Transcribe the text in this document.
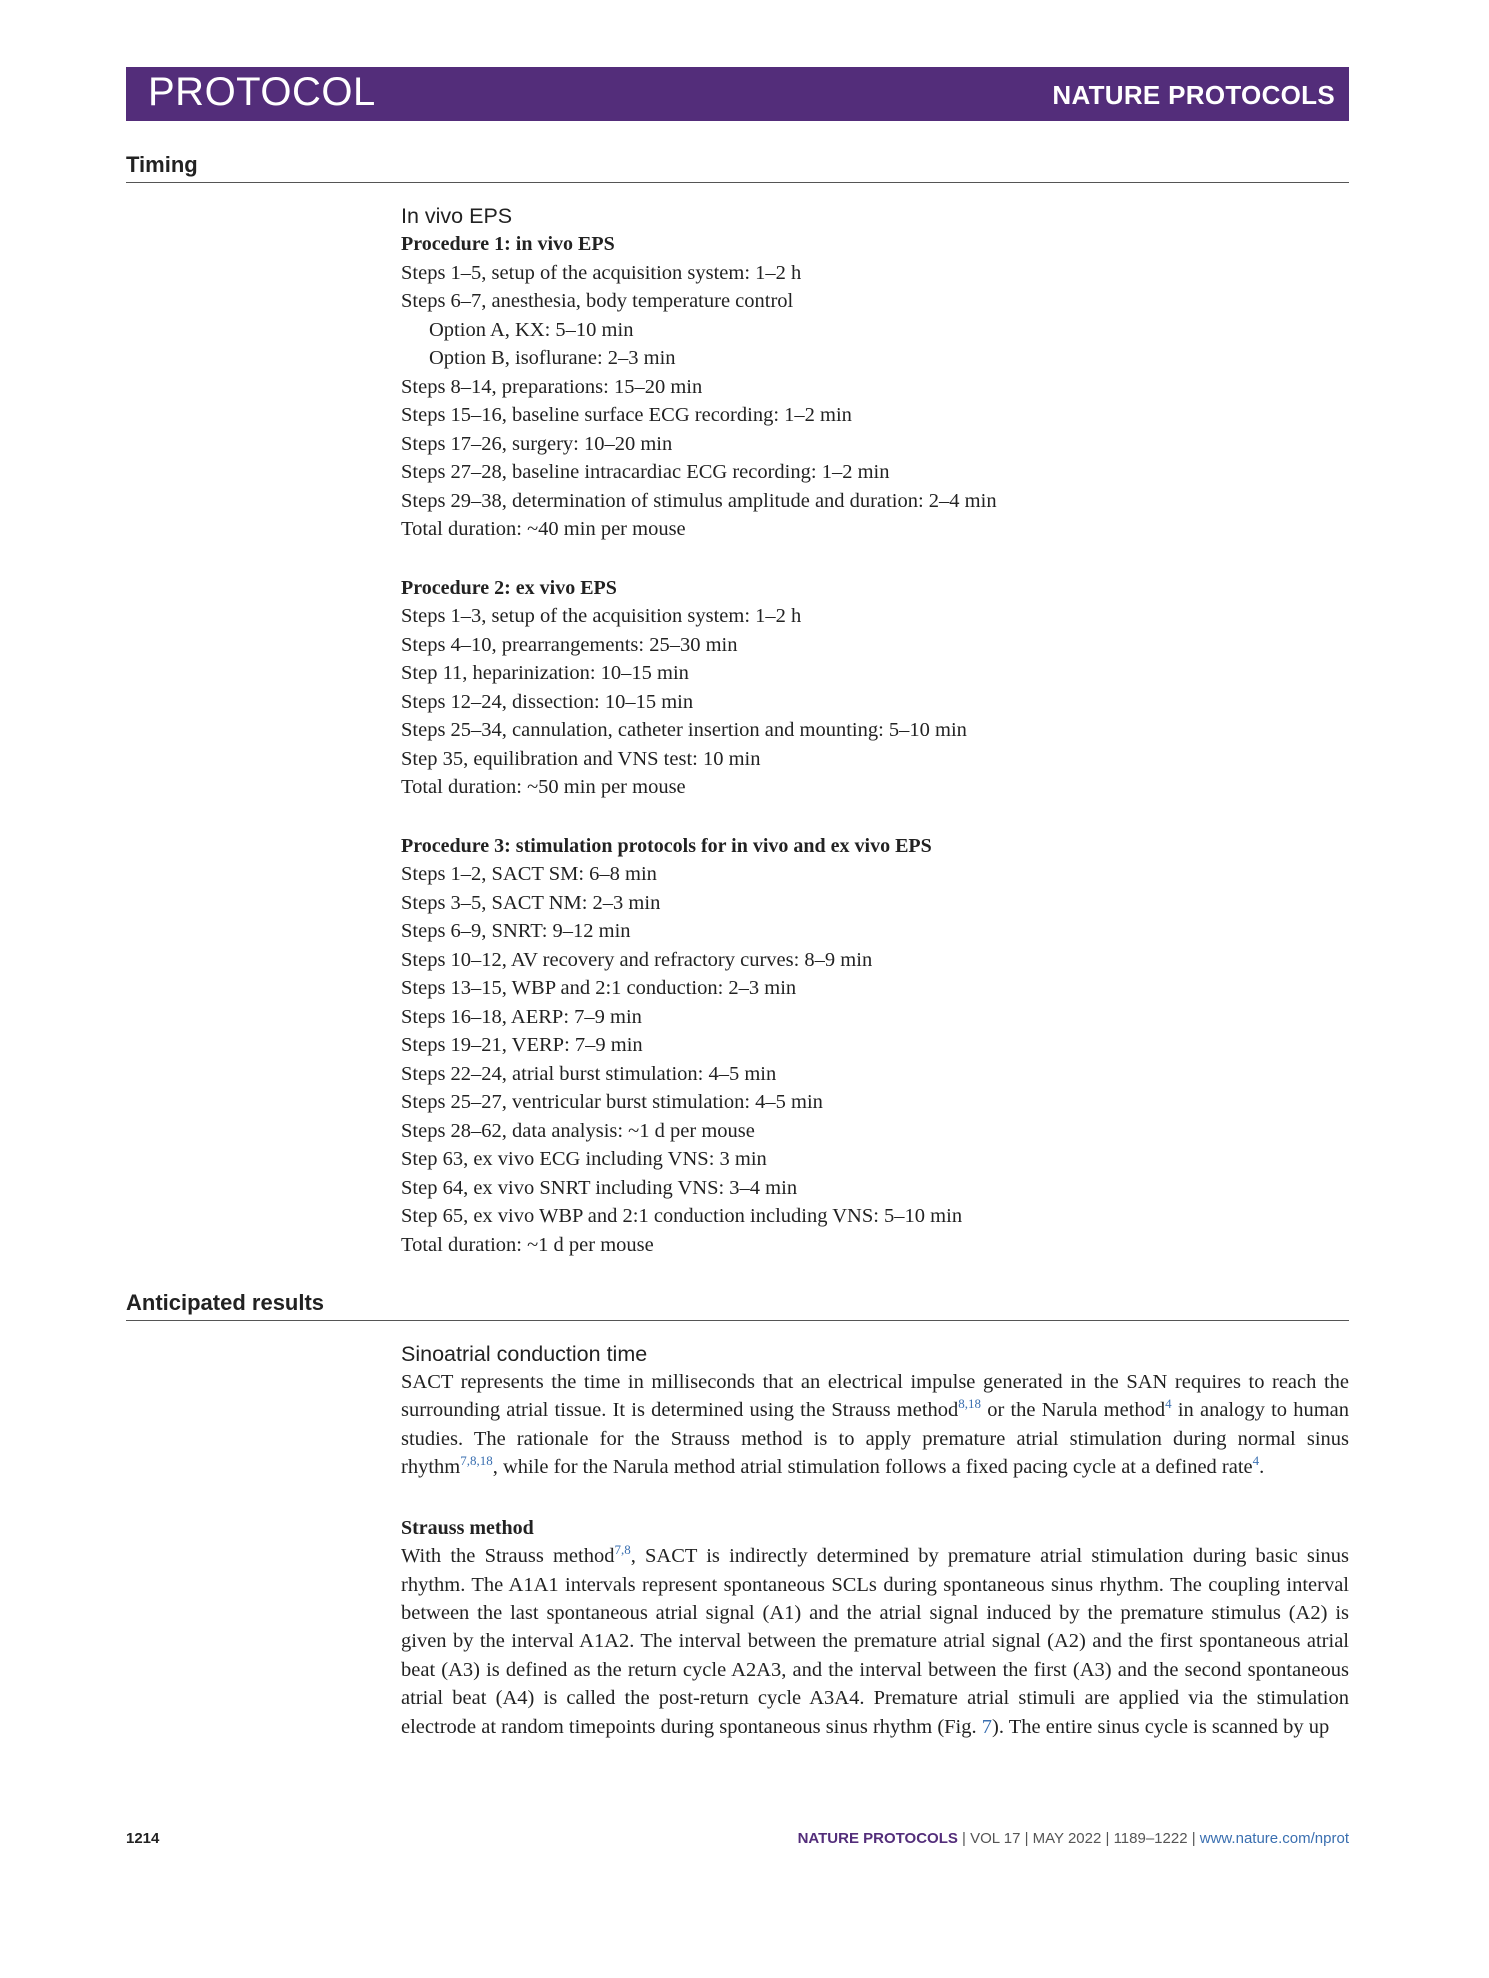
PROTOCOL	NATURE PROTOCOLS
Timing
In vivo EPS
Procedure 1: in vivo EPS
Steps 1–5, setup of the acquisition system: 1–2 h
Steps 6–7, anesthesia, body temperature control
Option A, KX: 5–10 min
Option B, isoflurane: 2–3 min
Steps 8–14, preparations: 15–20 min
Steps 15–16, baseline surface ECG recording: 1–2 min
Steps 17–26, surgery: 10–20 min
Steps 27–28, baseline intracardiac ECG recording: 1–2 min
Steps 29–38, determination of stimulus amplitude and duration: 2–4 min
Total duration: ~40 min per mouse
Procedure 2: ex vivo EPS
Steps 1–3, setup of the acquisition system: 1–2 h
Steps 4–10, prearrangements: 25–30 min
Step 11, heparinization: 10–15 min
Steps 12–24, dissection: 10–15 min
Steps 25–34, cannulation, catheter insertion and mounting: 5–10 min
Step 35, equilibration and VNS test: 10 min
Total duration: ~50 min per mouse
Procedure 3: stimulation protocols for in vivo and ex vivo EPS
Steps 1–2, SACT SM: 6–8 min
Steps 3–5, SACT NM: 2–3 min
Steps 6–9, SNRT: 9–12 min
Steps 10–12, AV recovery and refractory curves: 8–9 min
Steps 13–15, WBP and 2:1 conduction: 2–3 min
Steps 16–18, AERP: 7–9 min
Steps 19–21, VERP: 7–9 min
Steps 22–24, atrial burst stimulation: 4–5 min
Steps 25–27, ventricular burst stimulation: 4–5 min
Steps 28–62, data analysis: ~1 d per mouse
Step 63, ex vivo ECG including VNS: 3 min
Step 64, ex vivo SNRT including VNS: 3–4 min
Step 65, ex vivo WBP and 2:1 conduction including VNS: 5–10 min
Total duration: ~1 d per mouse
Anticipated results
Sinoatrial conduction time
SACT represents the time in milliseconds that an electrical impulse generated in the SAN requires to reach the surrounding atrial tissue. It is determined using the Strauss method$^{8,18}$ or the Narula method$^4$ in analogy to human studies. The rationale for the Strauss method is to apply premature atrial stimulation during normal sinus rhythm$^{7,8,18}$, while for the Narula method atrial stimulation follows a fixed pacing cycle at a defined rate$^4$.
Strauss method
With the Strauss method$^{7,8}$, SACT is indirectly determined by premature atrial stimulation during basic sinus rhythm. The A1A1 intervals represent spontaneous SCLs during spontaneous sinus rhythm. The coupling interval between the last spontaneous atrial signal (A1) and the atrial signal induced by the premature stimulus (A2) is given by the interval A1A2. The interval between the premature atrial signal (A2) and the first spontaneous atrial beat (A3) is defined as the return cycle A2A3, and the interval between the first (A3) and the second spontaneous atrial beat (A4) is called the post-return cycle A3A4. Premature atrial stimuli are applied via the stimulation electrode at random timepoints during spontaneous sinus rhythm (Fig. 7). The entire sinus cycle is scanned by up
1214	NATURE PROTOCOLS | VOL 17 | MAY 2022 | 1189–1222 | www.nature.com/nprot
